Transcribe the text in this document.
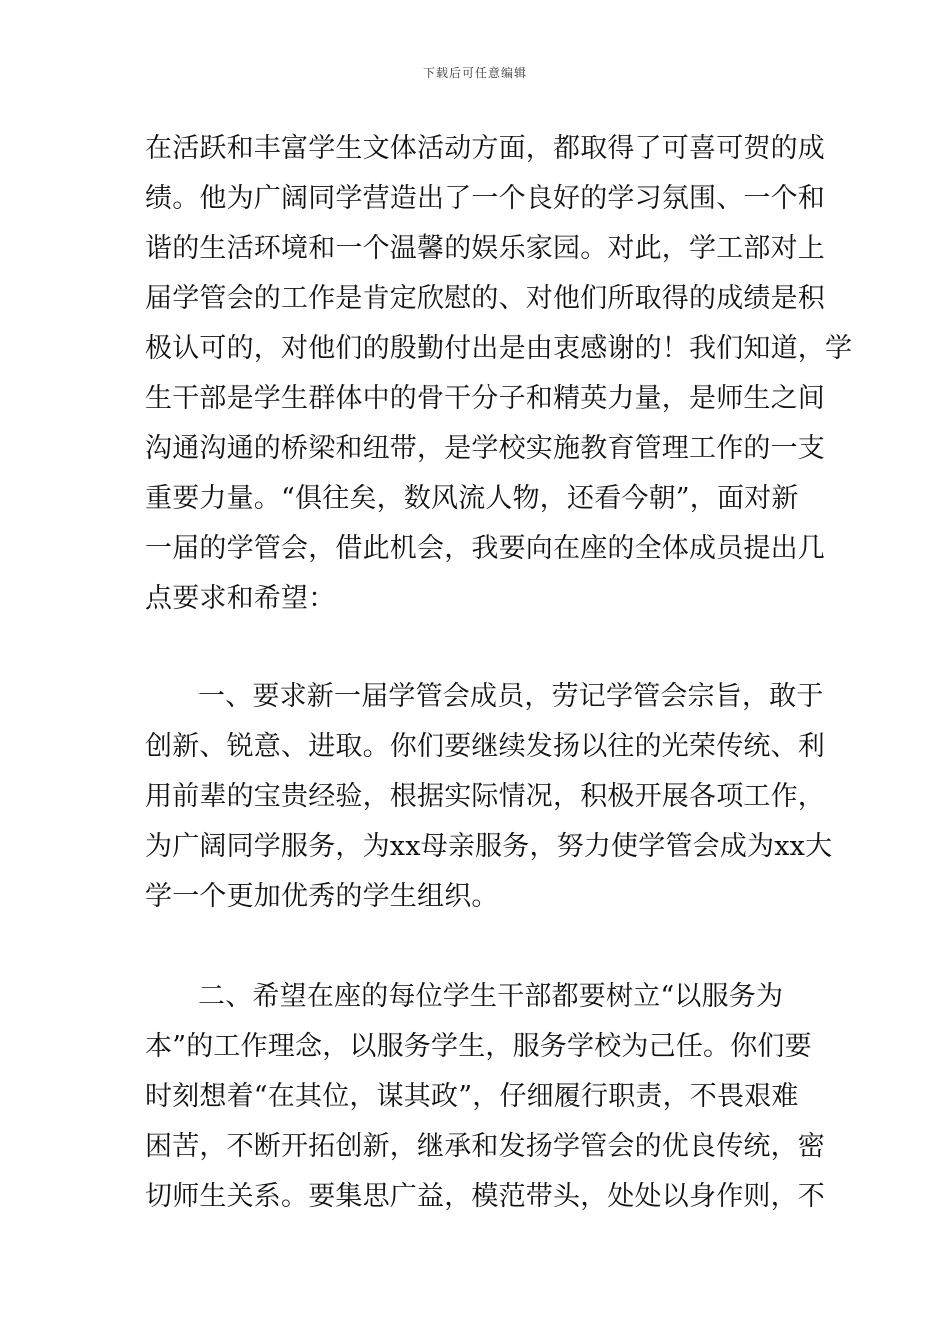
下载后可任意编辑
在活跃和丰富学生文体活动方面，都取得了可喜可贺的成
绩。他为广阔同学营造出了一个良好的学习氛围、一个和
谐的生活环境和一个温馨的娱乐家园。对此，学工部对上
届学管会的工作是肯定欣慰的、对他们所取得的成绩是积
极认可的，对他们的殷勤付出是由衷感谢的！我们知道，学
生干部是学生群体中的骨干分子和精英力量，是师生之间
沟通沟通的桥梁和纽带，是学校实施教育管理工作的一支
重要力量。“俱往矣，数风流人物，还看今朝”，面对新
一届的学管会，借此机会，我要向在座的全体成员提出几
点要求和希望：
一、要求新一届学管会成员，劳记学管会宗旨，敢于
创新、锐意、进取。你们要继续发扬以往的光荣传统、利
用前辈的宝贵经验，根据实际情况，积极开展各项工作，
为广阔同学服务，为xx母亲服务，努力使学管会成为xx大
学一个更加优秀的学生组织。
二、希望在座的每位学生干部都要树立“以服务为
本”的工作理念，以服务学生，服务学校为己任。你们要
时刻想着“在其位，谋其政”，仔细履行职责，不畏艰难
困苦，不断开拓创新，继承和发扬学管会的优良传统，密
切师生关系。要集思广益，模范带头，处处以身作则，不
